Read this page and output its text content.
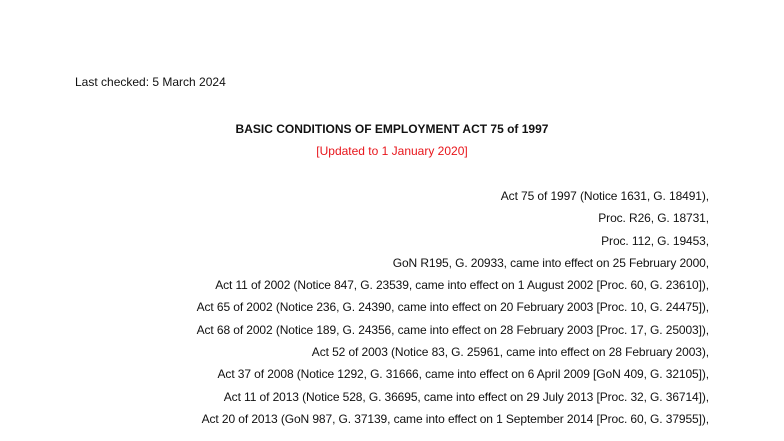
Last checked: 5 March 2024
BASIC CONDITIONS OF EMPLOYMENT ACT 75 of 1997
[Updated to 1 January 2020]
Act 75 of 1997 (Notice 1631, G. 18491),
Proc. R26, G. 18731,
Proc. 112, G. 19453,
GoN R195, G. 20933, came into effect on 25 February 2000,
Act 11 of 2002 (Notice 847, G. 23539, came into effect on 1 August 2002 [Proc. 60, G. 23610]),
Act 65 of 2002 (Notice 236, G. 24390, came into effect on 20 February 2003 [Proc. 10, G. 24475]),
Act 68 of 2002 (Notice 189, G. 24356, came into effect on 28 February 2003 [Proc. 17, G. 25003]),
Act 52 of 2003 (Notice 83, G. 25961, came into effect on 28 February 2003),
Act 37 of 2008 (Notice 1292, G. 31666, came into effect on 6 April 2009 [GoN 409, G. 32105]),
Act 11 of 2013 (Notice 528, G. 36695, came into effect on 29 July 2013 [Proc. 32, G. 36714]),
Act 20 of 2013 (GoN 987, G. 37139, came into effect on 1 September 2014 [Proc. 60, G. 37955]),
